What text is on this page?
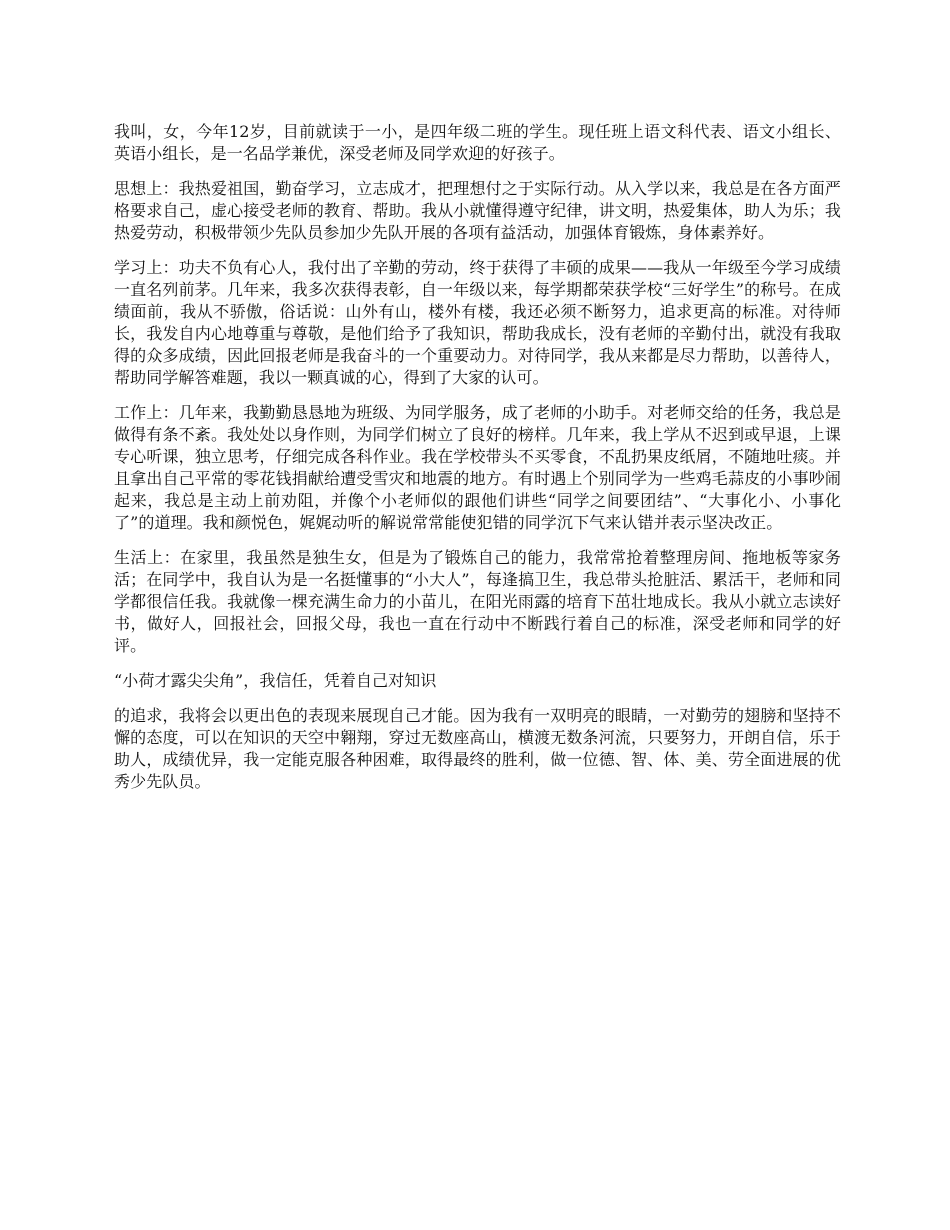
我叫，女，今年12岁，目前就读于一小，是四年级二班的学生。现任班上语文科代表、语文小组长、英语小组长，是一名品学兼优，深受老师及同学欢迎的好孩子。

思想上：我热爱祖国，勤奋学习，立志成才，把理想付之于实际行动。从入学以来，我总是在各方面严格要求自己，虚心接受老师的教育、帮助。我从小就懂得遵守纪律，讲文明，热爱集体，助人为乐；我热爱劳动，积极带领少先队员参加少先队开展的各项有益活动，加强体育锻炼，身体素养好。

学习上：功夫不负有心人，我付出了辛勤的劳动，终于获得了丰硕的成果——我从一年级至今学习成绩一直名列前茅。几年来，我多次获得表彰，自一年级以来，每学期都荣获学校“三好学生”的称号。在成绩面前，我从不骄傲，俗话说：山外有山，楼外有楼，我还必须不断努力，追求更高的标准。对待师长，我发自内心地尊重与尊敬，是他们给予了我知识，帮助我成长，没有老师的辛勤付出，就没有我取得的众多成绩，因此回报老师是我奋斗的一个重要动力。对待同学，我从来都是尽力帮助，以善待人，帮助同学解答难题，我以一颗真诚的心，得到了大家的认可。

工作上：几年来，我勤勤恳恳地为班级、为同学服务，成了老师的小助手。对老师交给的任务，我总是做得有条不紊。我处处以身作则，为同学们树立了良好的榜样。几年来，我上学从不迟到或早退，上课专心听课，独立思考，仔细完成各科作业。我在学校带头不买零食，不乱扔果皮纸屑，不随地吐痰。并且拿出自己平常的零花钱捐献给遭受雪灾和地震的地方。有时遇上个别同学为一些鸡毛蒜皮的小事吵闹起来，我总是主动上前劝阻，并像个小老师似的跟他们讲些“同学之间要团结”、“大事化小、小事化了”的道理。我和颜悦色，娓娓动听的解说常常能使犯错的同学沉下气来认错并表示坚决改正。

生活上：在家里，我虽然是独生女，但是为了锻炼自己的能力，我常常抢着整理房间、拖地板等家务活；在同学中，我自认为是一名挺懂事的“小大人”，每逢搞卫生，我总带头抢脏活、累活干，老师和同学都很信任我。我就像一棵充满生命力的小苗儿，在阳光雨露的培育下茁壮地成长。我从小就立志读好书，做好人，回报社会，回报父母，我也一直在行动中不断践行着自己的标准，深受老师和同学的好评。

“小荷才露尖尖角”，我信任，凭着自己对知识

的追求，我将会以更出色的表现来展现自己才能。因为我有一双明亮的眼睛，一对勤劳的翅膀和坚持不懈的态度，可以在知识的天空中翱翔，穿过无数座高山，横渡无数条河流，只要努力，开朗自信，乐于助人，成绩优异，我一定能克服各种困难，取得最终的胜利，做一位德、智、体、美、劳全面进展的优秀少先队员。
